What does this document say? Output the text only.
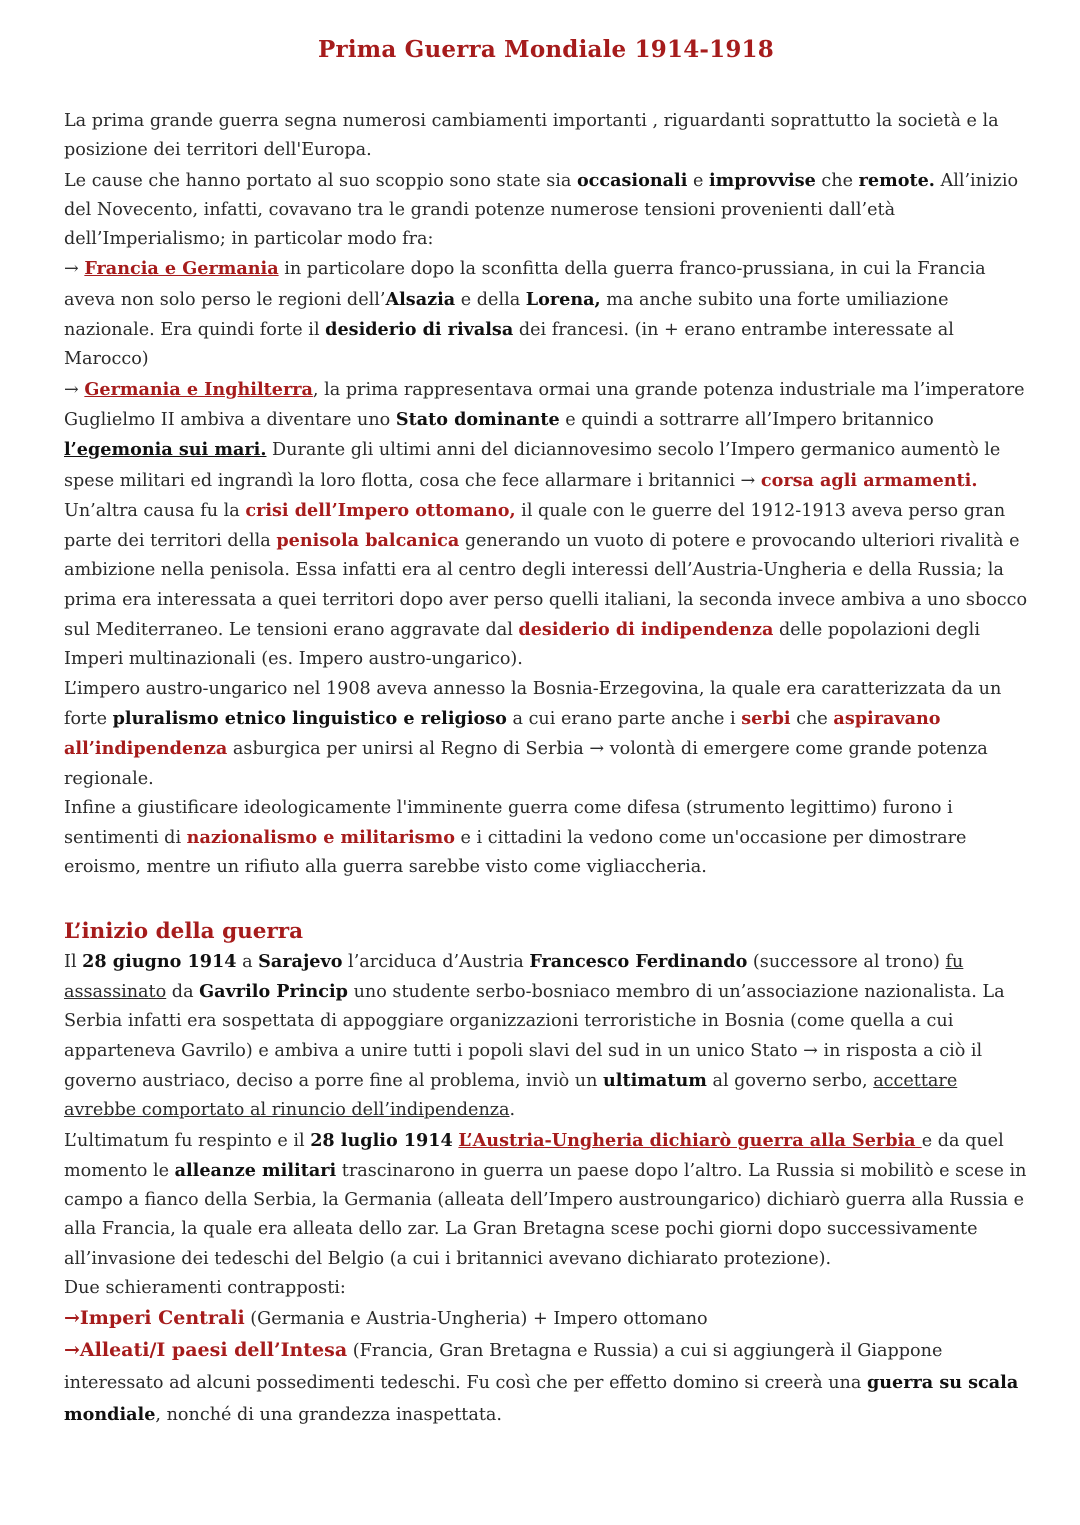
Prima Guerra Mondiale 1914-1918

La prima grande guerra segna numerosi cambiamenti importanti , riguardanti soprattutto la società e la posizione dei territori dell'Europa.

Le cause che hanno portato al suo scoppio sono state sia occasionali e improvvise che remote. All’inizio del Novecento, infatti, covavano tra le grandi potenze numerose tensioni provenienti dall’età dell’Imperialismo; in particolar modo fra:

→ Francia e Germania in particolare dopo la sconfitta della guerra franco-prussiana, in cui la Francia aveva non solo perso le regioni dell’Alsazia e della Lorena, ma anche subito una forte umiliazione nazionale. Era quindi forte il desiderio di rivalsa dei francesi. (in + erano entrambe interessate al Marocco)

→ Germania e Inghilterra, la prima rappresentava ormai una grande potenza industriale ma l’imperatore Guglielmo II ambiva a diventare uno Stato dominante e quindi a sottrarre all’Impero britannico l’egemonia sui mari. Durante gli ultimi anni del diciannovesimo secolo l’Impero germanico aumentò le spese militari ed ingrandì la loro flotta, cosa che fece allarmare i britannici → corsa agli armamenti.

Un’altra causa fu la crisi dell’Impero ottomano, il quale con le guerre del 1912-1913 aveva perso gran parte dei territori della penisola balcanica generando un vuoto di potere e provocando ulteriori rivalità e ambizione nella penisola. Essa infatti era al centro degli interessi dell’Austria-Ungheria e della Russia; la prima era interessata a quei territori dopo aver perso quelli italiani, la seconda invece ambiva a uno sbocco sul Mediterraneo. Le tensioni erano aggravate dal desiderio di indipendenza delle popolazioni degli Imperi multinazionali (es. Impero austro-ungarico).

L’impero austro-ungarico nel 1908 aveva annesso la Bosnia-Erzegovina, la quale era caratterizzata da un forte pluralismo etnico linguistico e religioso a cui erano parte anche i serbi che aspiravano all’indipendenza asburgica per unirsi al Regno di Serbia → volontà di emergere come grande potenza regionale.

Infine a giustificare ideologicamente l'imminente guerra come difesa (strumento legittimo) furono i sentimenti di nazionalismo e militarismo e i cittadini la vedono come un'occasione per dimostrare eroismo, mentre un rifiuto alla guerra sarebbe visto come vigliaccheria.

L’inizio della guerra

Il 28 giugno 1914 a Sarajevo l’arciduca d’Austria Francesco Ferdinando (successore al trono) fu assassinato da Gavrilo Princip uno studente serbo-bosniaco membro di un’associazione nazionalista. La Serbia infatti era sospettata di appoggiare organizzazioni terroristiche in Bosnia (come quella a cui apparteneva Gavrilo) e ambiva a unire tutti i popoli slavi del sud in un unico Stato → in risposta a ciò il governo austriaco, deciso a porre fine al problema, inviò un ultimatum al governo serbo, accettare avrebbe comportato al rinuncio dell’indipendenza.

L’ultimatum fu respinto e il 28 luglio 1914 L’Austria-Ungheria dichiarò guerra alla Serbia e da quel momento le alleanze militari trascinarono in guerra un paese dopo l’altro. La Russia si mobilitò e scese in campo a fianco della Serbia, la Germania (alleata dell’Impero austroungarico) dichiarò guerra alla Russia e alla Francia, la quale era alleata dello zar. La Gran Bretagna scese pochi giorni dopo successivamente all’invasione dei tedeschi del Belgio (a cui i britannici avevano dichiarato protezione).

Due schieramenti contrapposti:

→Imperi Centrali (Germania e Austria-Ungheria) + Impero ottomano

→Alleati/I paesi dell’Intesa (Francia, Gran Bretagna e Russia) a cui si aggiungerà il Giappone interessato ad alcuni possedimenti tedeschi. Fu così che per effetto domino si creerà una guerra su scala mondiale, nonché di una grandezza inaspettata.
